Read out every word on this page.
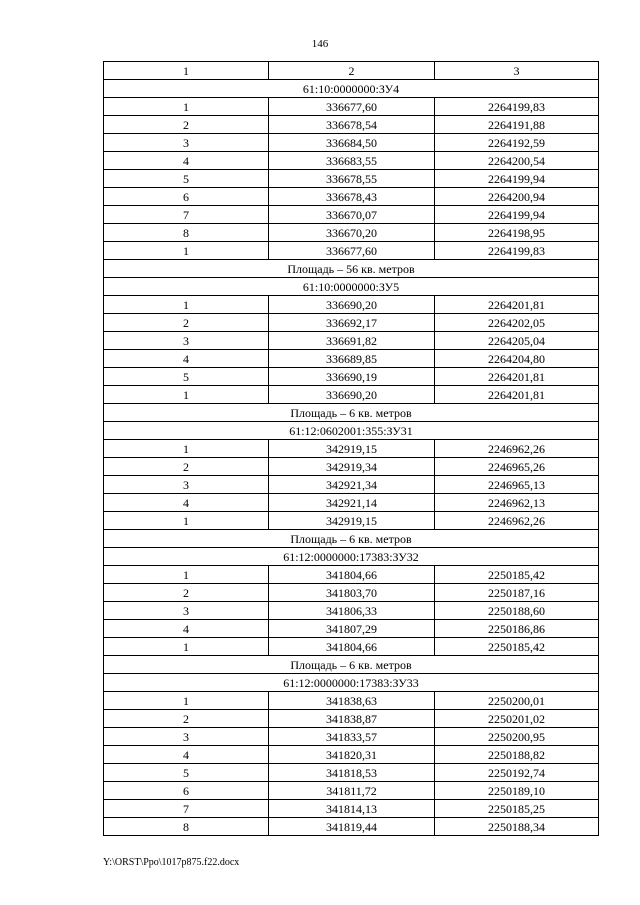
146
1	2	3
61:10:0000000:ЗУ4		
1	336677,60	2264199,83
2	336678,54	2264191,88
3	336684,50	2264192,59
4	336683,55	2264200,54
5	336678,55	2264199,94
6	336678,43	2264200,94
7	336670,07	2264199,94
8	336670,20	2264198,95
1	336677,60	2264199,83
Площадь – 56 кв. метров		
61:10:0000000:ЗУ5		
1	336690,20	2264201,81
2	336692,17	2264202,05
3	336691,82	2264205,04
4	336689,85	2264204,80
5	336690,19	2264201,81
1	336690,20	2264201,81
Площадь – 6 кв. метров		
61:12:0602001:355:ЗУ31		
1	342919,15	2246962,26
2	342919,34	2246965,26
3	342921,34	2246965,13
4	342921,14	2246962,13
1	342919,15	2246962,26
Площадь – 6 кв. метров		
61:12:0000000:17383:ЗУ32		
1	341804,66	2250185,42
2	341803,70	2250187,16
3	341806,33	2250188,60
4	341807,29	2250186,86
1	341804,66	2250185,42
Площадь – 6 кв. метров		
61:12:0000000:17383:ЗУ33		
1	341838,63	2250200,01
2	341838,87	2250201,02
3	341833,57	2250200,95
4	341820,31	2250188,82
5	341818,53	2250192,74
6	341811,72	2250189,10
7	341814,13	2250185,25
8	341819,44	2250188,34
Y:\ORST\Ppo\1017p875.f22.docx
